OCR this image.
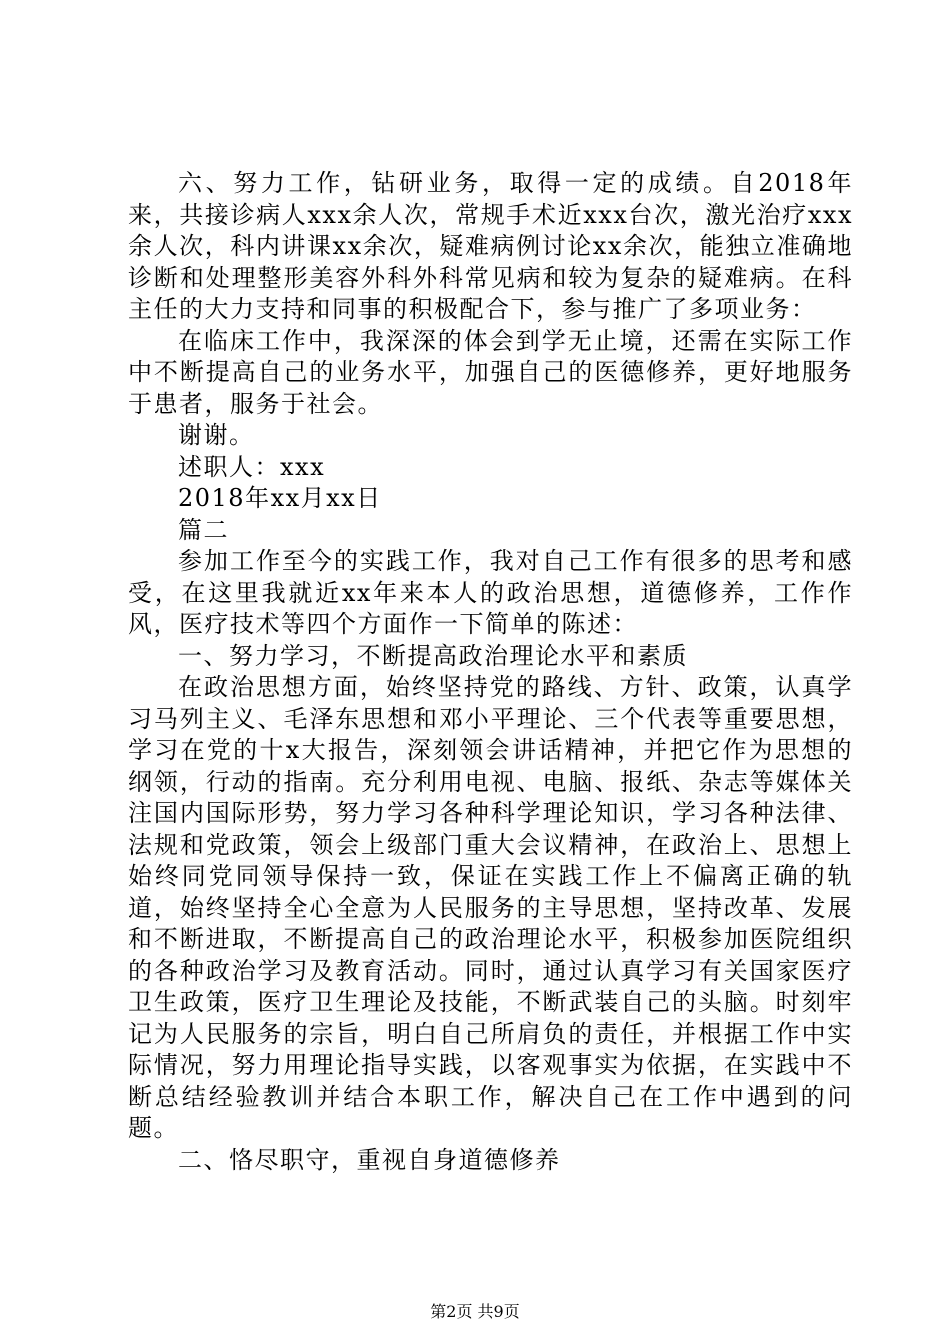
六、努力工作，钻研业务，取得一定的成绩。自2018年来，共接诊病人xxx余人次，常规手术近xxx台次，激光治疗xxx余人次，科内讲课xx余次，疑难病例讨论xx余次，能独立准确地诊断和处理整形美容外科外科常见病和较为复杂的疑难病。在科主任的大力支持和同事的积极配合下，参与推广了多项业务：

在临床工作中，我深深的体会到学无止境，还需在实际工作中不断提高自己的业务水平，加强自己的医德修养，更好地服务于患者，服务于社会。

谢谢。

述职人：xxx

2018年xx月xx日

篇二

参加工作至今的实践工作，我对自己工作有很多的思考和感受，在这里我就近xx年来本人的政治思想，道德修养，工作作风，医疗技术等四个方面作一下简单的陈述：

一、努力学习，不断提高政治理论水平和素质

在政治思想方面，始终坚持党的路线、方针、政策，认真学习马列主义、毛泽东思想和邓小平理论、三个代表等重要思想，学习在党的十x大报告，深刻领会讲话精神，并把它作为思想的纲领，行动的指南。充分利用电视、电脑、报纸、杂志等媒体关注国内国际形势，努力学习各种科学理论知识，学习各种法律、法规和党政策，领会上级部门重大会议精神，在政治上、思想上始终同党同领导保持一致，保证在实践工作上不偏离正确的轨道，始终坚持全心全意为人民服务的主导思想，坚持改革、发展和不断进取，不断提高自己的政治理论水平，积极参加医院组织的各种政治学习及教育活动。同时，通过认真学习有关国家医疗卫生政策，医疗卫生理论及技能，不断武装自己的头脑。时刻牢记为人民服务的宗旨，明白自己所肩负的责任，并根据工作中实际情况，努力用理论指导实践，以客观事实为依据，在实践中不断总结经验教训并结合本职工作，解决自己在工作中遇到的问题。

二、恪尽职守，重视自身道德修养

第2页 共9页
